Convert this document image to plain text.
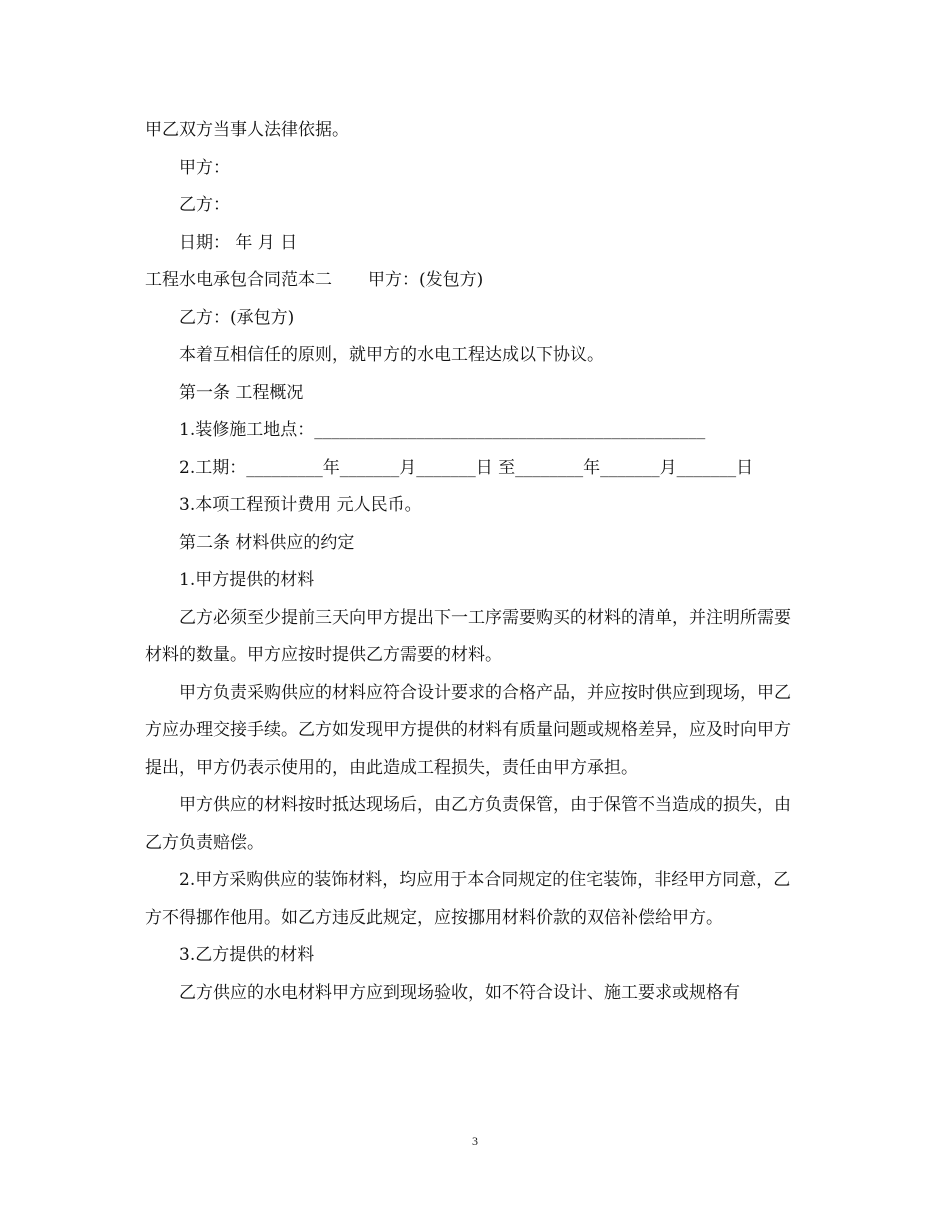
甲乙双方当事人法律依据。

甲方：

乙方：

日期： 年 月 日

工程水电承包合同范本二 甲方：(发包方)

乙方：(承包方)

本着互相信任的原则，就甲方的水电工程达成以下协议。

第一条 工程概况

1.装修施工地点：______________________________________________

2.工期：_________年_______月_______日 至________年_______月_______日

3.本项工程预计费用 元人民币。

第二条 材料供应的约定

1.甲方提供的材料

乙方必须至少提前三天向甲方提出下一工序需要购买的材料的清单，并注明所需要 材料的数量。甲方应按时提供乙方需要的材料。

甲方负责采购供应的材料应符合设计要求的合格产品，并应按时供应到现场，甲乙方应办理交接手续。乙方如发现甲方提供的材料有质量问题或规格差异，应及时向甲方提出，甲方仍表示使用的，由此造成工程损失，责任由甲方承担。

甲方供应的材料按时抵达现场后，由乙方负责保管，由于保管不当造成的损失，由乙方负责赔偿。

2.甲方采购供应的装饰材料，均应用于本合同规定的住宅装饰，非经甲方同意，乙方不得挪作他用。如乙方违反此规定，应按挪用材料价款的双倍补偿给甲方。

3.乙方提供的材料

乙方供应的水电材料甲方应到现场验收，如不符合设计、施工要求或规格有

3
